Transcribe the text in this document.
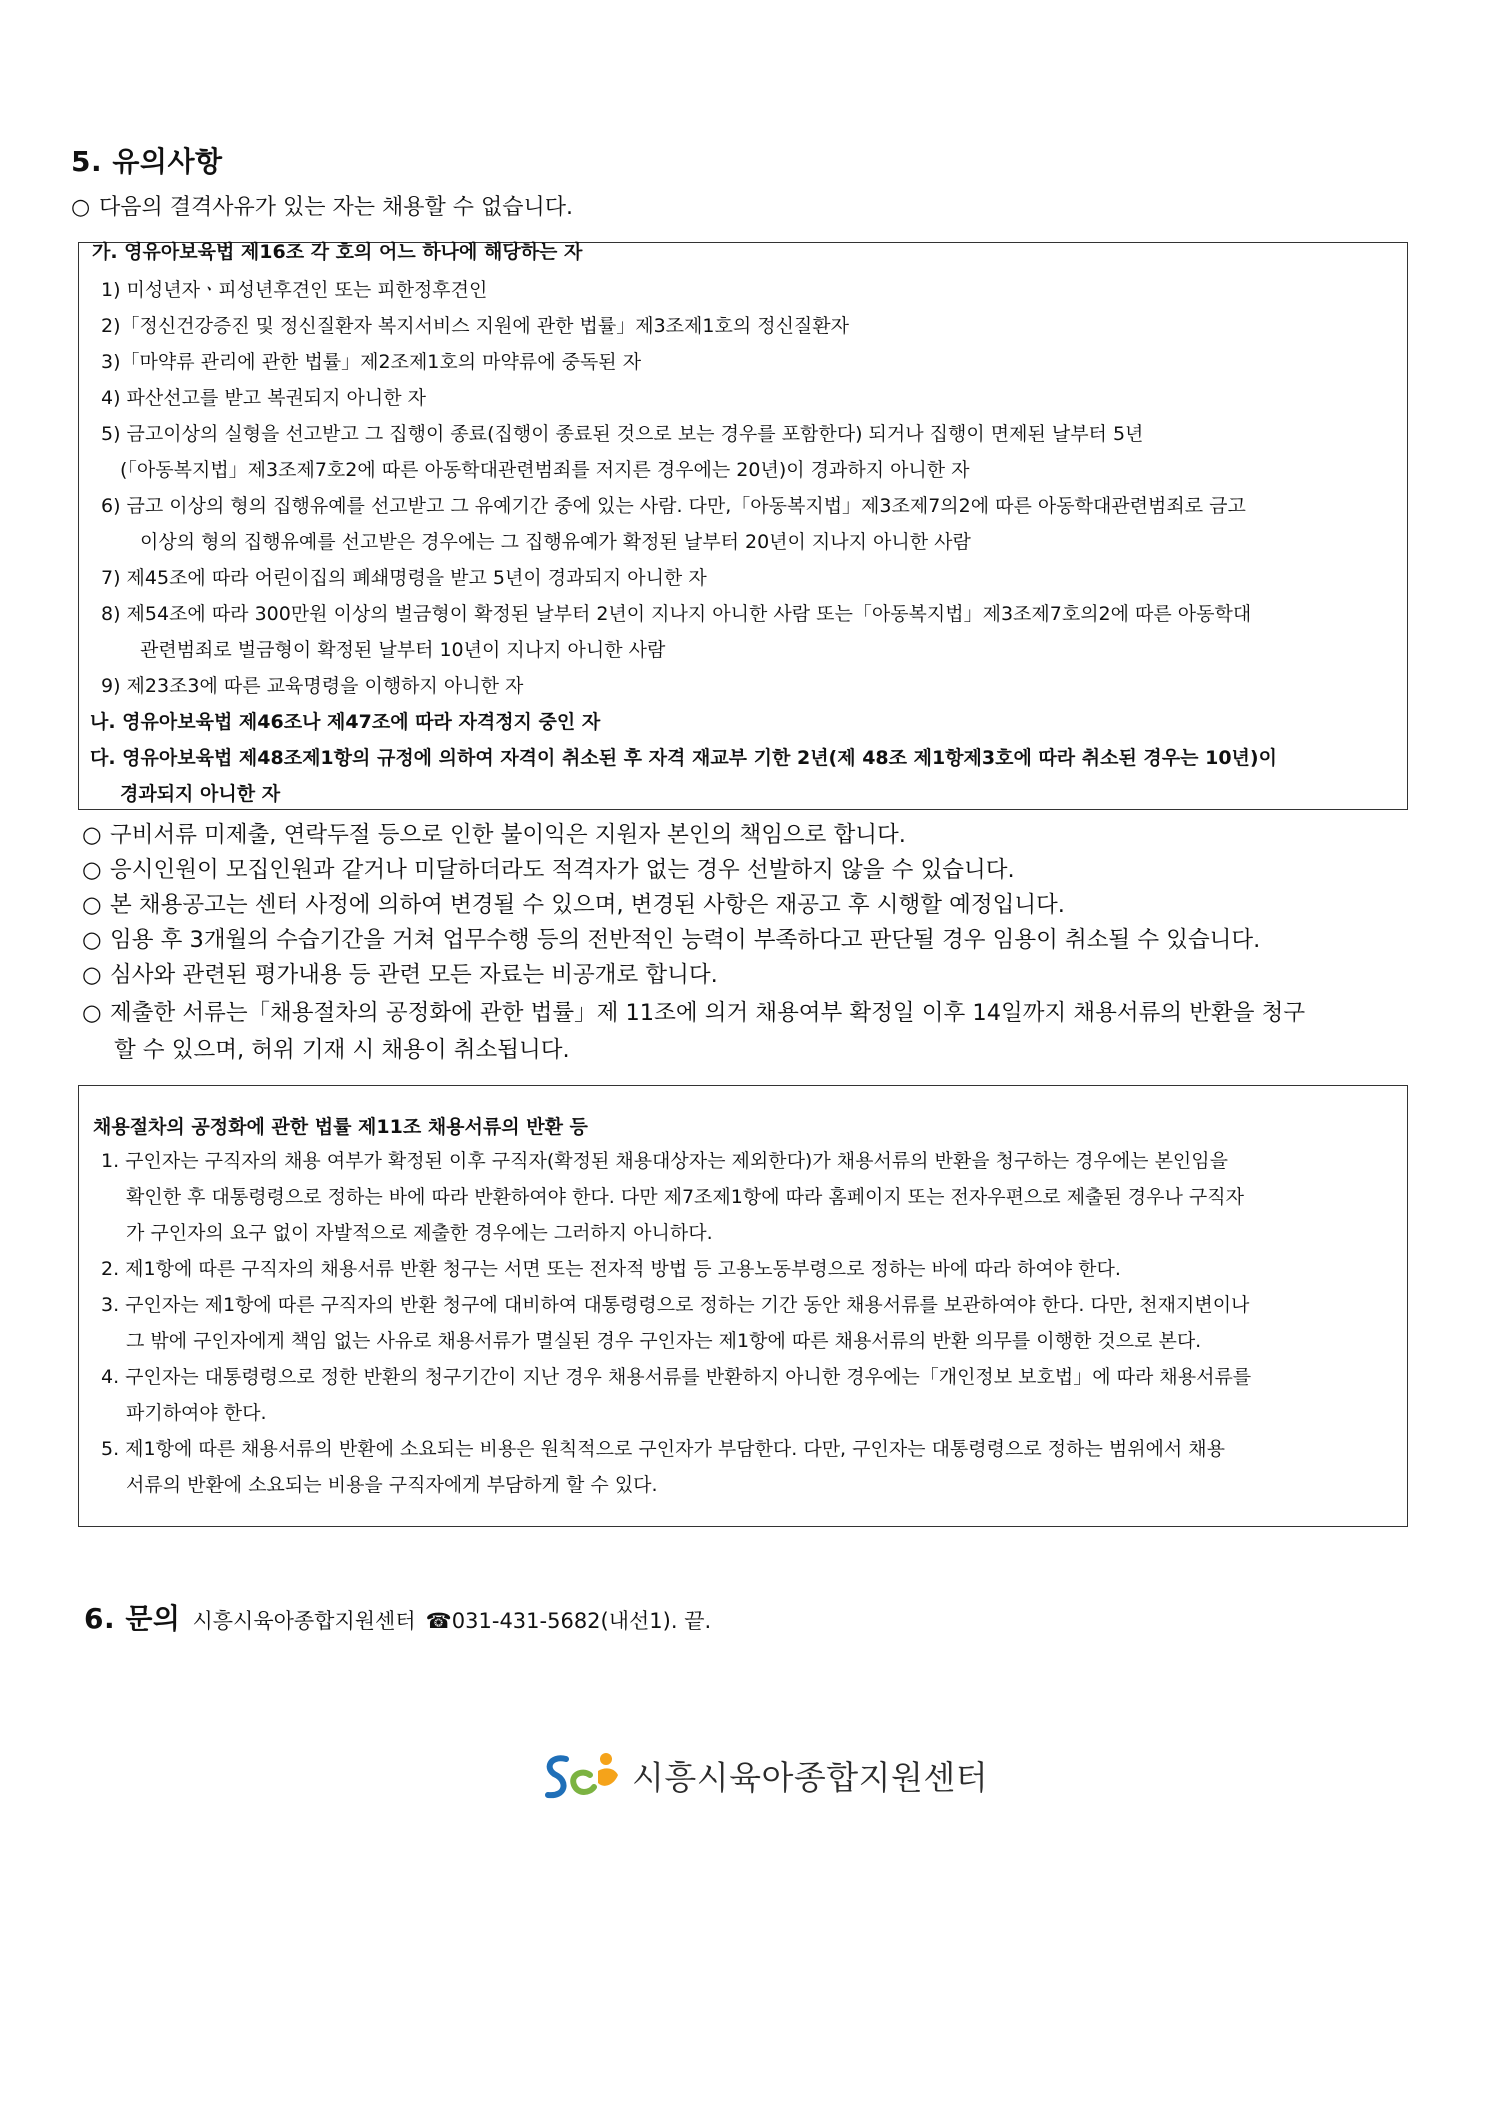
5. 유의사항
○ 다음의 결격사유가 있는 자는 채용할 수 없습니다.
가. 영유아보육법 제16조 각 호의 어느 하나에 해당하는 자
1) 미성년자ㆍ피성년후견인 또는 피한정후견인
2)「정신건강증진 및 정신질환자 복지서비스 지원에 관한 법률」제3조제1호의 정신질환자
3)「마약류 관리에 관한 법률」제2조제1호의 마약류에 중독된 자
4) 파산선고를 받고 복권되지 아니한 자
5) 금고이상의 실형을 선고받고 그 집행이 종료(집행이 종료된 것으로 보는 경우를 포함한다) 되거나 집행이 면제된 날부터 5년
(「아동복지법」제3조제7호2에 따른 아동학대관련범죄를 저지른 경우에는 20년)이 경과하지 아니한 자
6) 금고 이상의 형의 집행유예를 선고받고 그 유예기간 중에 있는 사람. 다만,「아동복지법」제3조제7의2에 따른 아동학대관련범죄로 금고
이상의 형의 집행유예를 선고받은 경우에는 그 집행유예가 확정된 날부터 20년이 지나지 아니한 사람
7) 제45조에 따라 어린이집의 폐쇄명령을 받고 5년이 경과되지 아니한 자
8) 제54조에 따라 300만원 이상의 벌금형이 확정된 날부터 2년이 지나지 아니한 사람 또는「아동복지법」제3조제7호의2에 따른 아동학대
관련범죄로 벌금형이 확정된 날부터 10년이 지나지 아니한 사람
9) 제23조3에 따른 교육명령을 이행하지 아니한 자
나. 영유아보육법 제46조나 제47조에 따라 자격정지 중인 자
다. 영유아보육법 제48조제1항의 규정에 의하여 자격이 취소된 후 자격 재교부 기한 2년(제 48조 제1항제3호에 따라 취소된 경우는 10년)이
경과되지 아니한 자
○ 구비서류 미제출, 연락두절 등으로 인한 불이익은 지원자 본인의 책임으로 합니다.
○ 응시인원이 모집인원과 같거나 미달하더라도 적격자가 없는 경우 선발하지 않을 수 있습니다.
○ 본 채용공고는 센터 사정에 의하여 변경될 수 있으며, 변경된 사항은 재공고 후 시행할 예정입니다.
○ 임용 후 3개월의 수습기간을 거쳐 업무수행 등의 전반적인 능력이 부족하다고 판단될 경우 임용이 취소될 수 있습니다.
○ 심사와 관련된 평가내용 등 관련 모든 자료는 비공개로 합니다.
○ 제출한 서류는「채용절차의 공정화에 관한 법률」제 11조에 의거 채용여부 확정일 이후 14일까지 채용서류의 반환을 청구
할 수 있으며, 허위 기재 시 채용이 취소됩니다.
채용절차의 공정화에 관한 법률 제11조 채용서류의 반환 등
1. 구인자는 구직자의 채용 여부가 확정된 이후 구직자(확정된 채용대상자는 제외한다)가 채용서류의 반환을 청구하는 경우에는 본인임을
확인한 후 대통령령으로 정하는 바에 따라 반환하여야 한다. 다만 제7조제1항에 따라 홈페이지 또는 전자우편으로 제출된 경우나 구직자
가 구인자의 요구 없이 자발적으로 제출한 경우에는 그러하지 아니하다.
2. 제1항에 따른 구직자의 채용서류 반환 청구는 서면 또는 전자적 방법 등 고용노동부령으로 정하는 바에 따라 하여야 한다.
3. 구인자는 제1항에 따른 구직자의 반환 청구에 대비하여 대통령령으로 정하는 기간 동안 채용서류를 보관하여야 한다. 다만, 천재지변이나
그 밖에 구인자에게 책임 없는 사유로 채용서류가 멸실된 경우 구인자는 제1항에 따른 채용서류의 반환 의무를 이행한 것으로 본다.
4. 구인자는 대통령령으로 정한 반환의 청구기간이 지난 경우 채용서류를 반환하지 아니한 경우에는「개인정보 보호법」에 따라 채용서류를
파기하여야 한다.
5. 제1항에 따른 채용서류의 반환에 소요되는 비용은 원칙적으로 구인자가 부담한다. 다만, 구인자는 대통령령으로 정하는 범위에서 채용
서류의 반환에 소요되는 비용을 구직자에게 부담하게 할 수 있다.
6. 문의 시흥시육아종합지원센터 ☎031-431-5682(내선1). 끝.
시흥시육아종합지원센터
